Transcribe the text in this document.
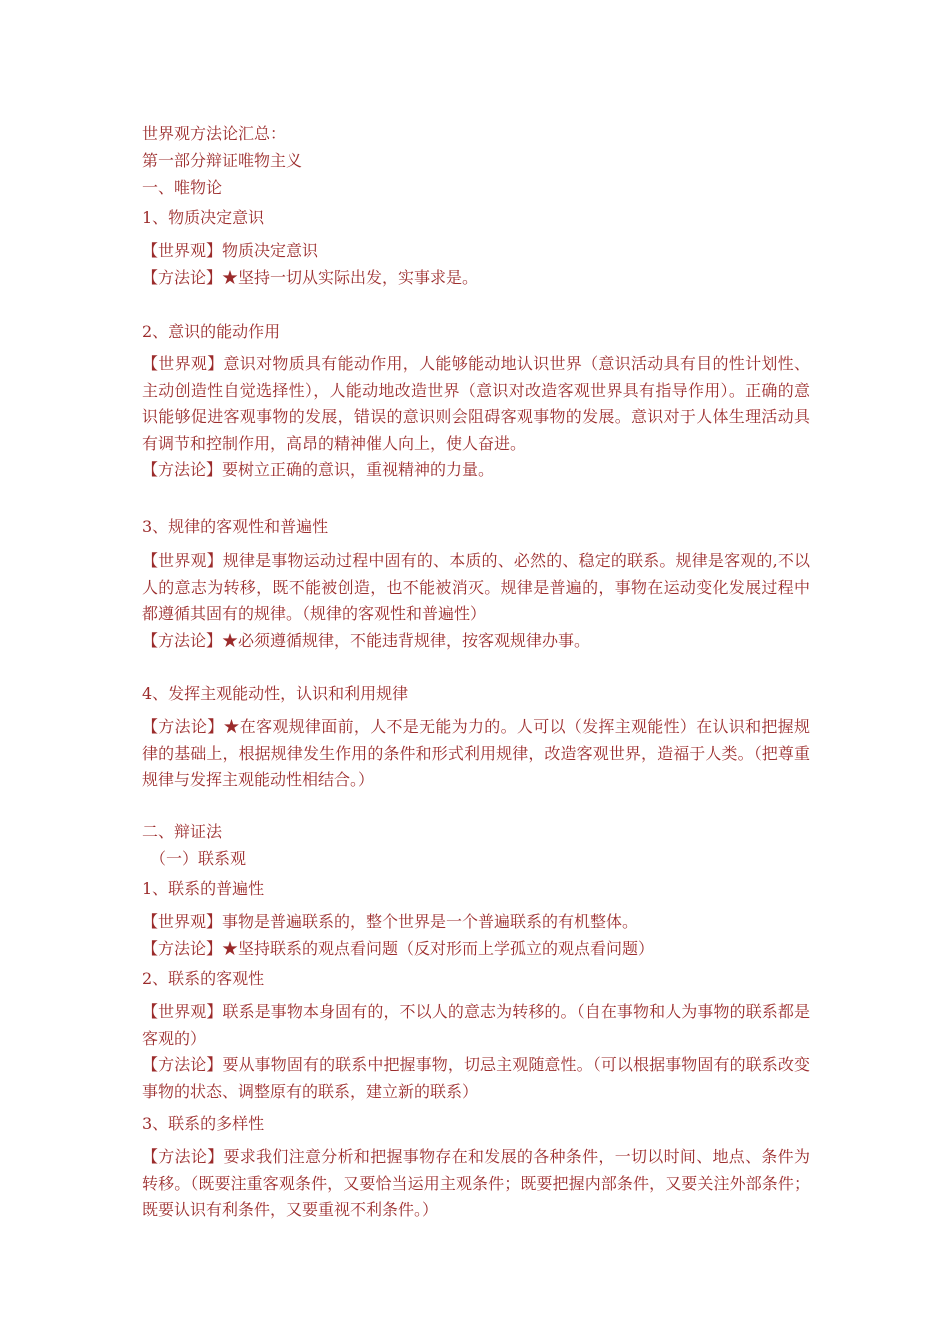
世界观方法论汇总：
第一部分辩证唯物主义
一、唯物论
1、物质决定意识
【世界观】物质决定意识
【方法论】★坚持一切从实际出发，实事求是。
2、意识的能动作用
【世界观】意识对物质具有能动作用，人能够能动地认识世界（意识活动具有目的性计划性、主动创造性自觉选择性），人能动地改造世界（意识对改造客观世界具有指导作用）。正确的意识能够促进客观事物的发展，错误的意识则会阻碍客观事物的发展。意识对于人体生理活动具有调节和控制作用，高昂的精神催人向上，使人奋进。
【方法论】要树立正确的意识，重视精神的力量。
3、规律的客观性和普遍性
【世界观】规律是事物运动过程中固有的、本质的、必然的、稳定的联系。规律是客观的,不以人的意志为转移，既不能被创造，也不能被消灭。规律是普遍的，事物在运动变化发展过程中都遵循其固有的规律。（规律的客观性和普遍性）
【方法论】★必须遵循规律，不能违背规律，按客观规律办事。
4、发挥主观能动性，认识和利用规律
【方法论】★在客观规律面前，人不是无能为力的。人可以（发挥主观能性）在认识和把握规律的基础上，根据规律发生作用的条件和形式利用规律，改造客观世界，造福于人类。（把尊重规律与发挥主观能动性相结合。）
二、辩证法
（一）联系观
1、联系的普遍性
【世界观】事物是普遍联系的，整个世界是一个普遍联系的有机整体。
【方法论】★坚持联系的观点看问题（反对形而上学孤立的观点看问题）
2、联系的客观性
【世界观】联系是事物本身固有的，不以人的意志为转移的。（自在事物和人为事物的联系都是客观的）
【方法论】要从事物固有的联系中把握事物，切忌主观随意性。（可以根据事物固有的联系改变事物的状态、调整原有的联系，建立新的联系）
3、联系的多样性
【方法论】要求我们注意分析和把握事物存在和发展的各种条件，一切以时间、地点、条件为转移。（既要注重客观条件，又要恰当运用主观条件；既要把握内部条件，又要关注外部条件；既要认识有利条件，又要重视不利条件。）
